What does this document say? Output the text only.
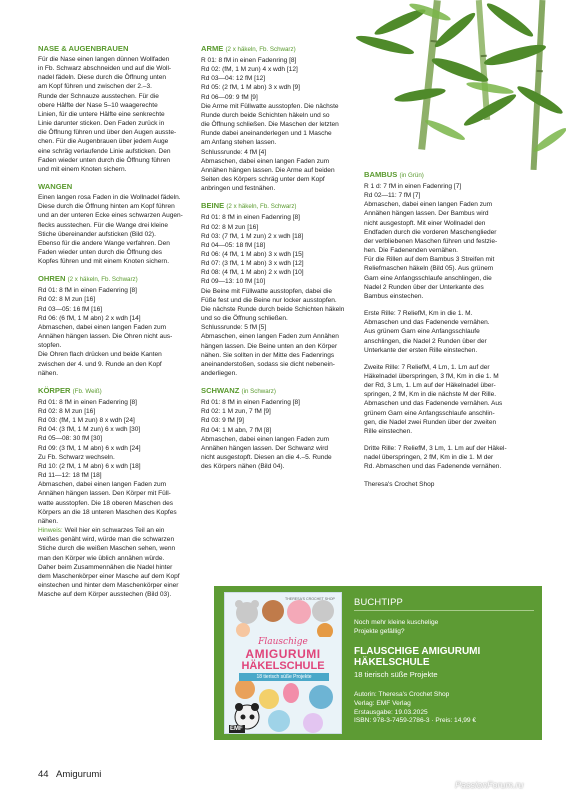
NASE & AUGENBRAUEN
Für die Nase einen langen dünnen Wollfaden
in Fb. Schwarz abschneiden und auf die Woll-
nadel fädeln. Diese durch die Öffnung unten
am Kopf führen und zwischen der 2.–3.
Runde der Schnauze ausstechen. Für die
obere Hälfte der Nase 5–10 waagerechte
Linien, für die untere Hälfte eine senkrechte
Linie darunter sticken. Den Faden zurück in
die Öffnung führen und über den Augen ausste-
chen. Für die Augenbrauen über jedem Auge
eine schräg verlaufende Linie aufsticken. Den
Faden wieder unten durch die Öffnung führen
und mit einem Knoten sichern.
WANGEN
Einen langen rosa Faden in die Wollnadel fädeln.
Diese durch die Öffnung hinten am Kopf führen
und an der unteren Ecke eines schwarzen Augen-
flecks ausstechen. Für die Wange drei kleine
Stiche übereinander aufsticken (Bild 02).
Ebenso für die andere Wange verfahren. Den
Faden wieder unten durch die Öffnung des
Kopfes führen und mit einem Knoten sichern.
OHREN (2 x häkeln, Fb. Schwarz)
Rd 01: 8 fM in einen Fadenring [8]
Rd 02: 8 M zun [16]
Rd 03—05: 16 fM [16]
Rd 06: (6 fM, 1 M abn) 2 x wdh [14]
Abmaschen, dabei einen langen Faden zum
Annähen hängen lassen. Die Ohren nicht aus-
stopfen.
Die Ohren flach drücken und beide Kanten
zwischen der 4. und 9. Runde an den Kopf
nähen.
KÖRPER (Fb. Weiß)
Rd 01: 8 fM in einen Fadenring [8]
Rd 02: 8 M zun [16]
Rd 03: (fM, 1 M zun) 8 x wdh [24]
Rd 04: (3 fM, 1 M zun) 6 x wdh [30]
Rd 05—08: 30 fM [30]
Rd 09: (3 fM, 1 M abn) 6 x wdh [24]
Zu Fb. Schwarz wechseln.
Rd 10: (2 fM, 1 M abn) 6 x wdh [18]
Rd 11—12: 18 fM [18]
Abmaschen, dabei einen langen Faden zum
Annähen hängen lassen. Den Körper mit Füll-
watte ausstopfen. Die 18 oberen Maschen des
Körpers an die 18 unteren Maschen des Kopfes
nähen.
Hinweis: Weil hier ein schwarzes Teil an ein
weißes genäht wird, würde man die schwarzen
Stiche durch die weißen Maschen sehen, wenn
man den Körper wie üblich annähen würde.
Daher beim Zusammennähen die Nadel hinter
dem Maschenkörper einer Masche auf dem Kopf
einstechen und hinter dem Maschenkörper einer
Masche auf dem Körper ausstechen (Bild 03).
ARME (2 x häkeln, Fb. Schwarz)
R 01: 8 fM in einen Fadenring [8]
Rd 02: (fM, 1 M zun) 4 x wdh [12]
Rd 03—04: 12 fM [12]
Rd 05: (2 fM, 1 M abn) 3 x wdh [9]
Rd 06—09: 9 fM [9]
Die Arme mit Füllwatte ausstopfen. Die nächste
Runde durch beide Schichten häkeln und so
die Öffnung schließen. Die Maschen der letzten
Runde dabei aneinanderlegen und 1 Masche
am Anfang stehen lassen.
Schlussrunde: 4 fM [4]
Abmaschen, dabei einen langen Faden zum
Annähen hängen lassen. Die Arme auf beiden
Seiten des Körpers schräg unter dem Kopf
anbringen und festnähen.
BEINE (2 x häkeln, Fb. Schwarz)
Rd 01: 8 fM in einen Fadenring [8]
Rd 02: 8 M zun [16]
Rd 03: (7 fM, 1 M zun) 2 x wdh [18]
Rd 04—05: 18 fM [18]
Rd 06: (4 fM, 1 M abn) 3 x wdh [15]
Rd 07: (3 fM, 1 M abn) 3 x wdh [12]
Rd 08: (4 fM, 1 M abn) 2 x wdh [10]
Rd 09—13: 10 fM [10]
Die Beine mit Füllwatte ausstopfen, dabei die
Füße fest und die Beine nur locker ausstopfen.
Die nächste Runde durch beide Schichten häkeln
und so die Öffnung schließen.
Schlussrunde: 5 fM [5]
Abmaschen, einen langen Faden zum Annähen
hängen lassen. Die Beine unten an den Körper
nähen. Sie sollten in der Mitte des Fadenrings
aneinanderstoßen, sodass sie dicht nebenein-
anderliegen.
SCHWANZ (in Schwarz)
Rd 01: 8 fM in einen Fadenring [8]
Rd 02: 1 M zun, 7 fM [9]
Rd 03: 9 fM [9]
Rd 04: 1 M abn, 7 fM [8]
Abmaschen, dabei einen langen Faden zum
Annähen hängen lassen. Der Schwanz wird
nicht ausgestopft. Diesen an die 4.–5. Runde
des Körpers nähen (Bild 04).
BAMBUS (in Grün)
R 1 d: 7 fM in einen Fadenring [7]
Rd 02—11: 7 fM [7]
Abmaschen, dabei einen langen Faden zum
Annähen hängen lassen. Der Bambus wird
nicht ausgestopft. Mit einer Wollnadel den
Endfaden durch die vorderen Maschenglieder
der verbliebenen Maschen führen und festzie-
hen. Die Fadenenden vernähen.
Für die Rillen auf dem Bambus 3 Streifen mit
Reliefmaschen häkeln (Bild 05). Aus grünem
Garn eine Anfangsschlaufe anschlingen, die
Nadel 2 Runden über der Unterkante des
Bambus einstechen.
Erste Rille: 7 ReliefM, Km in die 1. M.
Abmaschen und das Fadenende vernähen.
Aus grünem Garn eine Anfangsschlaufe
anschlingen, die Nadel 2 Runden über der
Unterkante der ersten Rille einstechen.
Zweite Rille: 7 ReliefM, 4 Lm, 1. Lm auf der
Häkelnadel überspringen, 3 fM, Km in die 1. M
der Rd, 3 Lm, 1. Lm auf der Häkelnadel über-
springen, 2 fM, Km in die nächste M der Rille.
Abmaschen und das Fadenende vernähen. Aus
grünem Garn eine Anfangsschlaufe anschlin-
gen, die Nadel zwei Runden über der zweiten
Rille einstechen.
Dritte Rille: 7 ReliefM, 3 Lm, 1. Lm auf der Häkel-
nadel überspringen, 2 fM, Km in die 1. M der
Rd. Abmaschen und das Fadenende vernähen.
Theresa's Crochet Shop
Flauschige
AMIGURUMI
HÄKELSCHULE
18 tierisch süße Projekte
EMF
THERESA'S CROCHET SHOP BUCHTIPP
Noch mehr kleine kuschelige
Projekte gefällig?
FLAUSCHIGE AMIGURUMI
HÄKELSCHULE
18 tierisch süße Projekte
Autorin: Theresa's Crochet Shop
Verlag: EMF Verlag
Erstausgabe: 19.03.2025
ISBN: 978-3-7459-2786-3 · Preis: 14,99 €
44 Amigurumi
PassionForum.ru
